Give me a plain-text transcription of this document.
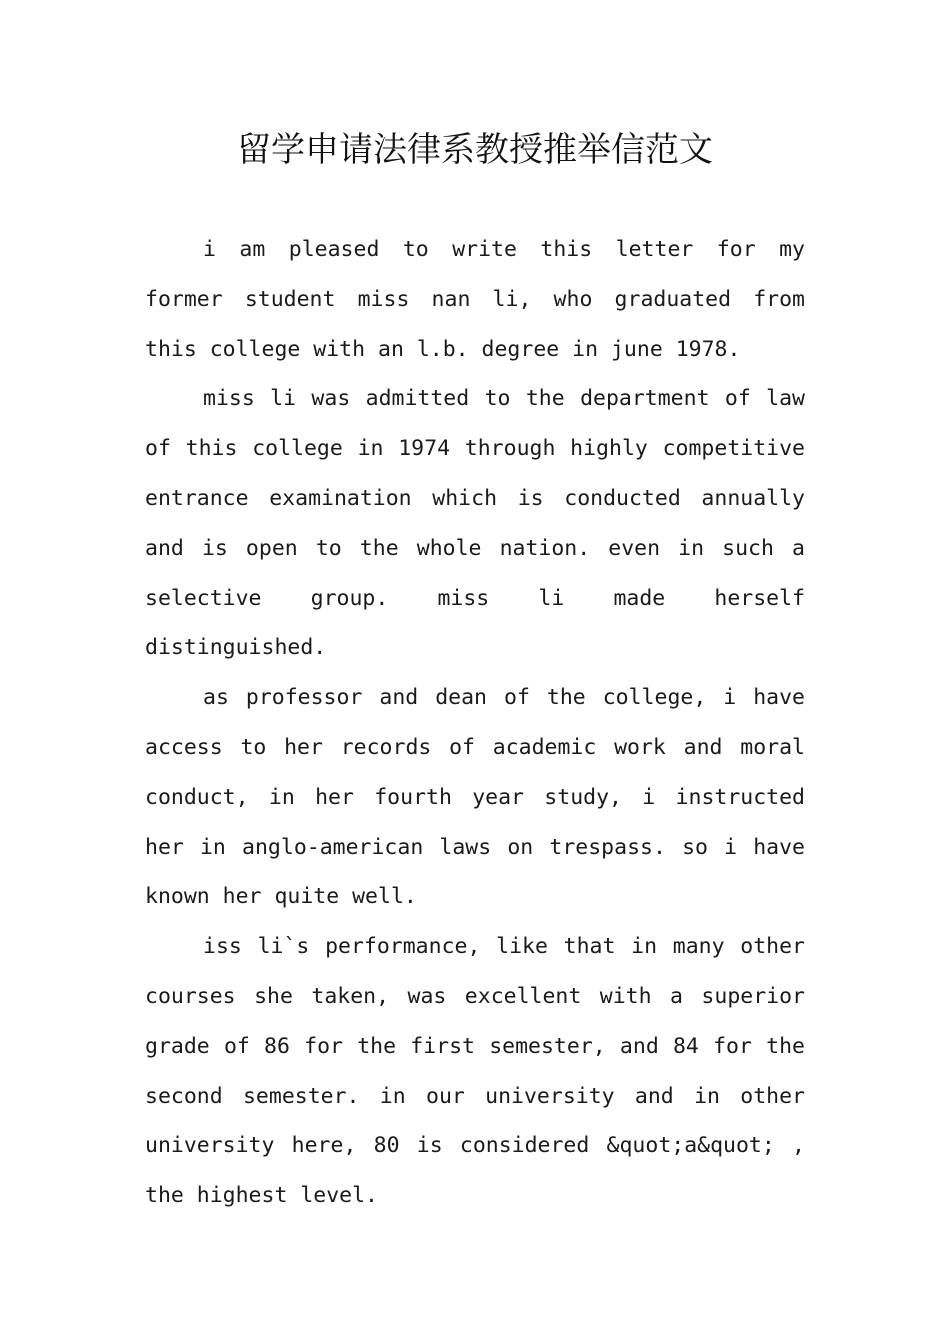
留学申请法律系教授推举信范文

i am pleased to write this letter for my former student miss nan li, who graduated from this college with an l.b. degree in june 1978.

miss li was admitted to the department of law of this college in 1974 through highly competitive entrance examination which is conducted annually and is open to the whole nation. even in such a selective group. miss li made herself distinguished.

as professor and dean of the college, i have access to her records of academic work and moral conduct, in her fourth year study, i instructed her in anglo-american laws on trespass. so i have known her quite well.

iss li`s performance, like that in many other courses she taken, was excellent with a superior grade of 86 for the first semester, and 84 for the second semester. in our university and in other university here, 80 is considered &quot;a&quot; , the highest level.
